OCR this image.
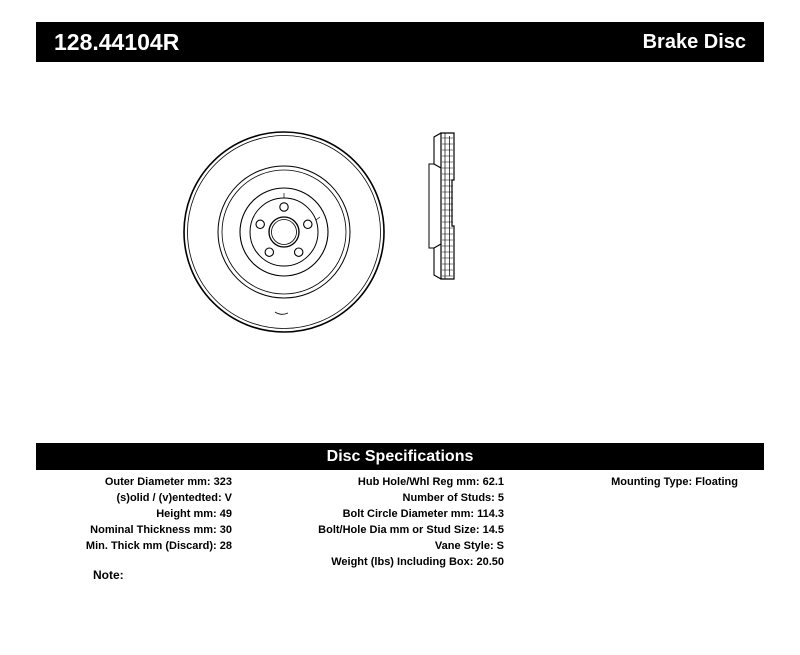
128.44104R	Brake Disc
Disc Specifications
Outer Diameter mm: 323
(s)olid / (v)entedted: V
Height mm: 49
Nominal Thickness mm: 30
Min. Thick mm (Discard): 28
Hub Hole/Whl Reg mm: 62.1
Number of Studs: 5
Bolt Circle Diameter mm: 114.3
Bolt/Hole Dia mm or Stud Size: 14.5
Vane Style: S
Weight (lbs) Including Box: 20.50
Mounting Type: Floating
Note:
